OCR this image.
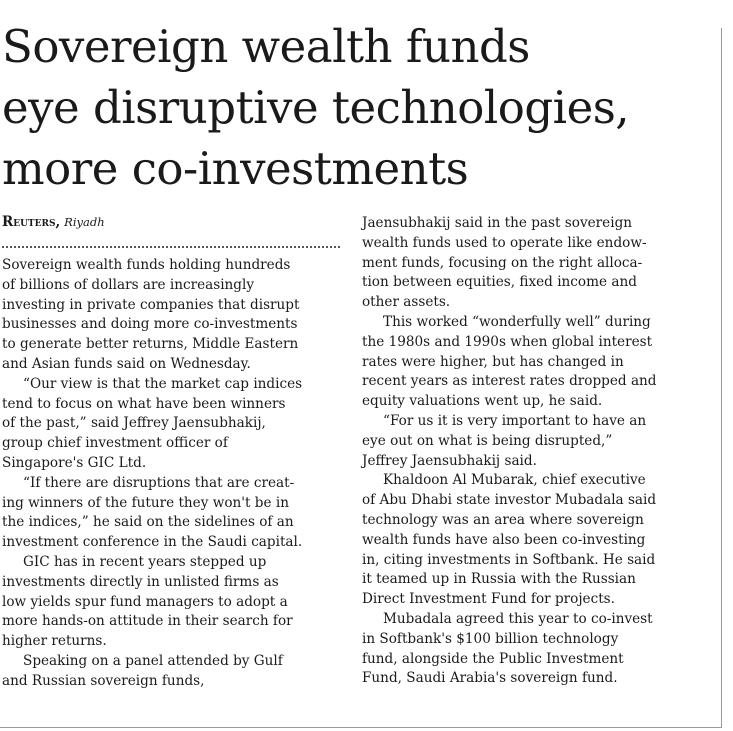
Sovereign wealth funds
eye disruptive technologies,
more co-investments
Reuters, Riyadh
Sovereign wealth funds holding hundreds
of billions of dollars are increasingly
investing in private companies that disrupt
businesses and doing more co-investments
to generate better returns, Middle Eastern
and Asian funds said on Wednesday.
“Our view is that the market cap indices
tend to focus on what have been winners
of the past,” said Jeffrey Jaensubhakij,
group chief investment officer of
Singapore's GIC Ltd.
“If there are disruptions that are creat-
ing winners of the future they won't be in
the indices,” he said on the sidelines of an
investment conference in the Saudi capital.
GIC has in recent years stepped up
investments directly in unlisted firms as
low yields spur fund managers to adopt a
more hands-on attitude in their search for
higher returns.
Speaking on a panel attended by Gulf
and Russian sovereign funds,
Jaensubhakij said in the past sovereign
wealth funds used to operate like endow-
ment funds, focusing on the right alloca-
tion between equities, fixed income and
other assets.
This worked “wonderfully well” during
the 1980s and 1990s when global interest
rates were higher, but has changed in
recent years as interest rates dropped and
equity valuations went up, he said.
“For us it is very important to have an
eye out on what is being disrupted,”
Jeffrey Jaensubhakij said.
Khaldoon Al Mubarak, chief executive
of Abu Dhabi state investor Mubadala said
technology was an area where sovereign
wealth funds have also been co-investing
in, citing investments in Softbank. He said
it teamed up in Russia with the Russian
Direct Investment Fund for projects.
Mubadala agreed this year to co-invest
in Softbank's $100 billion technology
fund, alongside the Public Investment
Fund, Saudi Arabia's sovereign fund.
